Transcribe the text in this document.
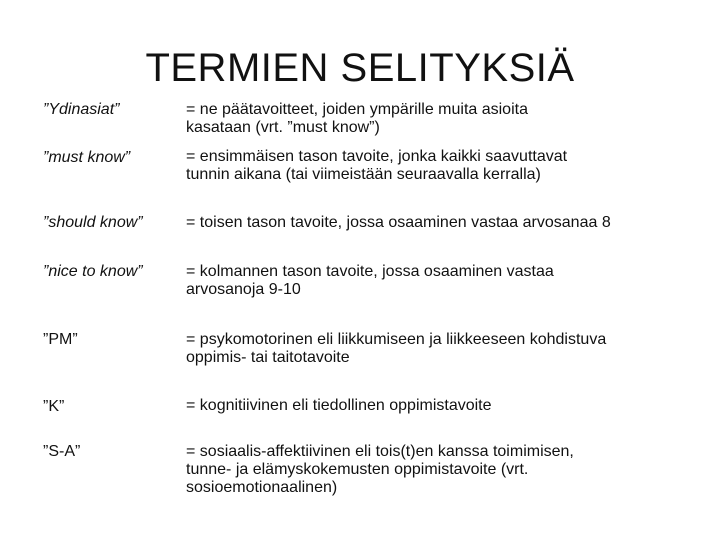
TERMIEN SELITYKSIÄ
”Ydinasiat”	= ne päätavoitteet, joiden ympärille muita asioita
kasataan (vrt. ”must know”)
”must know”	= ensimmäisen tason tavoite, jonka kaikki saavuttavat
tunnin aikana (tai viimeistään seuraavalla kerralla)
”should know”	= toisen tason tavoite, jossa osaaminen vastaa arvosanaa 8
”nice to know”	= kolmannen tason tavoite, jossa osaaminen vastaa
arvosanoja 9-10
”PM”	= psykomotorinen eli liikkumiseen ja liikkeeseen kohdistuva
oppimis- tai taitotavoite
”K”	= kognitiivinen eli tiedollinen oppimistavoite
”S-A”	= sosiaalis-affektiivinen eli tois(t)en kanssa toimimisen,
tunne- ja elämyskokemusten oppimistavoite (vrt.
sosioemotionaalinen)
